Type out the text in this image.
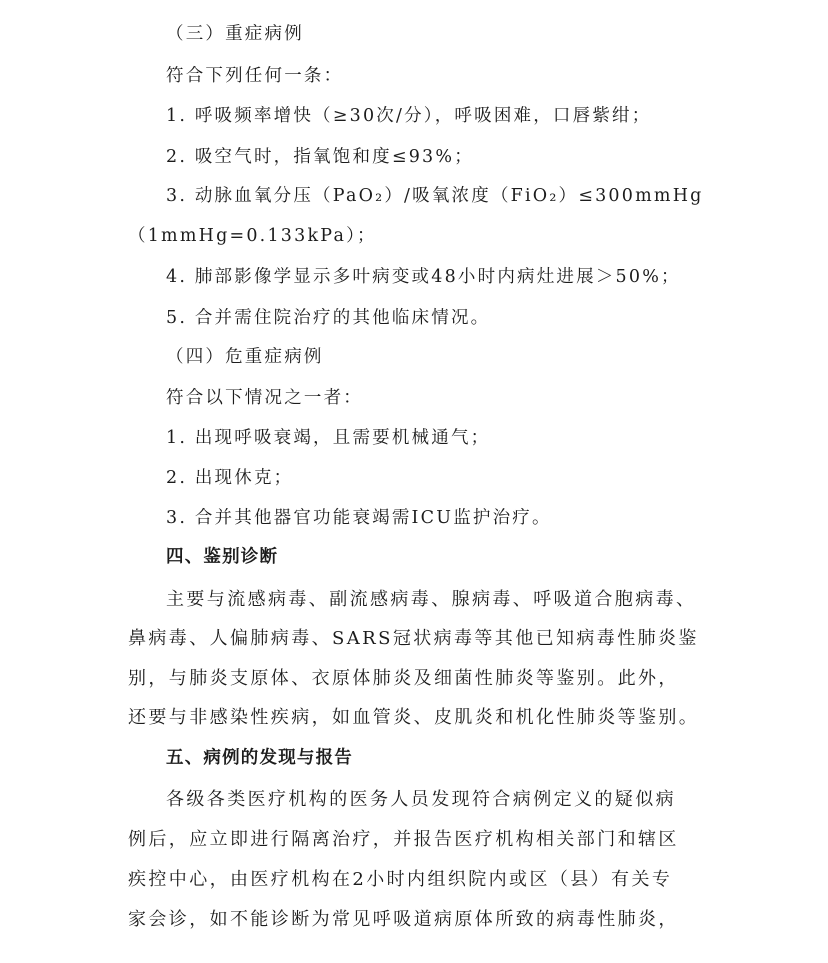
（三）重症病例
符合下列任何一条：
1. 呼吸频率增快（≥30次/分），呼吸困难，口唇紫绀；
2. 吸空气时，指氧饱和度≤93%；
3. 动脉血氧分压（PaO₂）/吸氧浓度（FiO₂）≤300mmHg
（1mmHg=0.133kPa）；
4. 肺部影像学显示多叶病变或48小时内病灶进展＞50%；
5. 合并需住院治疗的其他临床情况。
（四）危重症病例
符合以下情况之一者：
1. 出现呼吸衰竭，且需要机械通气；
2. 出现休克；
3. 合并其他器官功能衰竭需ICU监护治疗。
四、鉴别诊断
主要与流感病毒、副流感病毒、腺病毒、呼吸道合胞病毒、
鼻病毒、人偏肺病毒、SARS冠状病毒等其他已知病毒性肺炎鉴
别，与肺炎支原体、衣原体肺炎及细菌性肺炎等鉴别。此外，
还要与非感染性疾病，如血管炎、皮肌炎和机化性肺炎等鉴别。
五、病例的发现与报告
各级各类医疗机构的医务人员发现符合病例定义的疑似病
例后，应立即进行隔离治疗，并报告医疗机构相关部门和辖区
疾控中心，由医疗机构在2小时内组织院内或区（县）有关专
家会诊，如不能诊断为常见呼吸道病原体所致的病毒性肺炎，
